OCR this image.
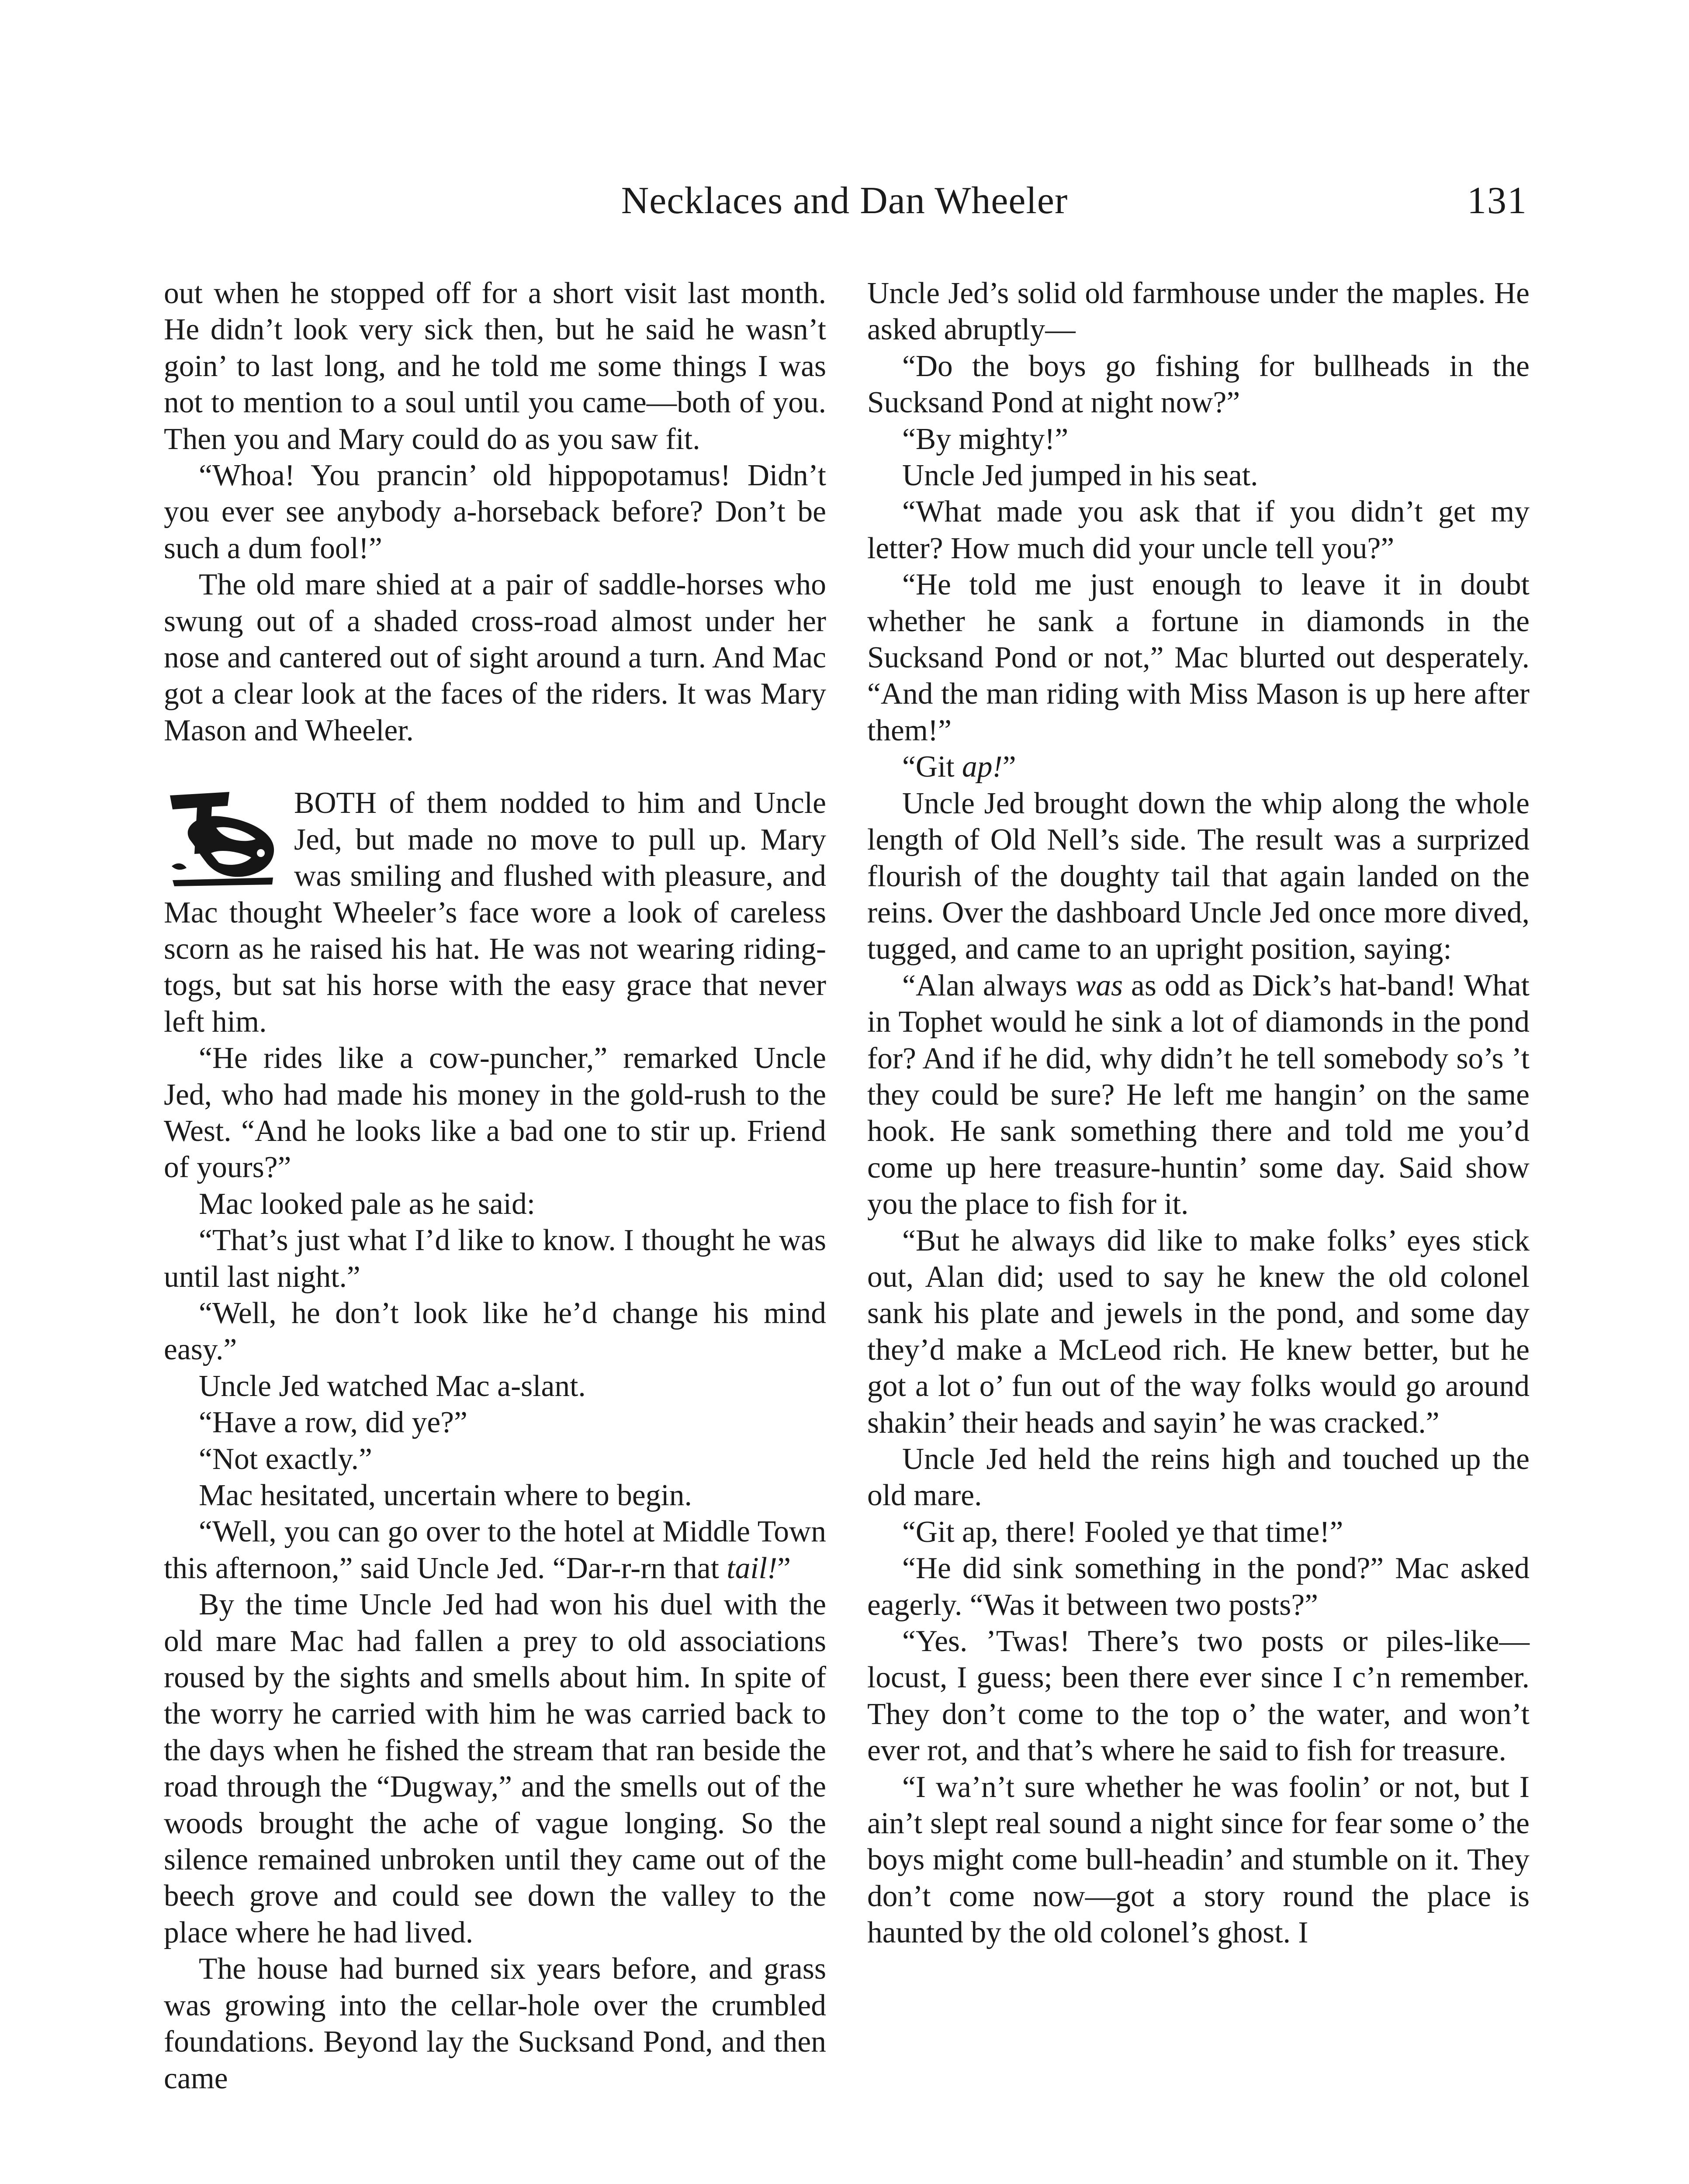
Necklaces and Dan Wheeler	131

out when he stopped off for a short visit last month. He didn’t look very sick then, but he said he wasn’t goin’ to last long, and he told me some things I was not to mention to a soul until you came—both of you. Then you and Mary could do as you saw fit.

“Whoa! You prancin’ old hippopotamus! Didn’t you ever see anybody a-horseback before? Don’t be such a dum fool!”

The old mare shied at a pair of saddle-horses who swung out of a shaded cross-road almost under her nose and cantered out of sight around a turn. And Mac got a clear look at the faces of the riders. It was Mary Mason and Wheeler.

BOTH of them nodded to him and Uncle Jed, but made no move to pull up. Mary was smiling and flushed with pleasure, and Mac thought Wheeler’s face wore a look of careless scorn as he raised his hat. He was not wearing riding-togs, but sat his horse with the easy grace that never left him.

“He rides like a cow-puncher,” remarked Uncle Jed, who had made his money in the gold-rush to the West. “And he looks like a bad one to stir up. Friend of yours?”

Mac looked pale as he said:

“That’s just what I’d like to know. I thought he was until last night.”

“Well, he don’t look like he’d change his mind easy.”

Uncle Jed watched Mac a-slant.

“Have a row, did ye?”

“Not exactly.”

Mac hesitated, uncertain where to begin.

“Well, you can go over to the hotel at Middle Town this afternoon,” said Uncle Jed. “Dar-r-rn that tail!”

By the time Uncle Jed had won his duel with the old mare Mac had fallen a prey to old associations roused by the sights and smells about him. In spite of the worry he carried with him he was carried back to the days when he fished the stream that ran beside the road through the “Dugway,” and the smells out of the woods brought the ache of vague longing. So the silence remained unbroken until they came out of the beech grove and could see down the valley to the place where he had lived.

The house had burned six years before, and grass was growing into the cellar-hole over the crumbled foundations. Beyond lay the Sucksand Pond, and then came

Uncle Jed’s solid old farmhouse under the maples. He asked abruptly—

“Do the boys go fishing for bullheads in the Sucksand Pond at night now?”

“By mighty!”

Uncle Jed jumped in his seat.

“What made you ask that if you didn’t get my letter? How much did your uncle tell you?”

“He told me just enough to leave it in doubt whether he sank a fortune in diamonds in the Sucksand Pond or not,” Mac blurted out desperately. “And the man riding with Miss Mason is up here after them!”

“Git ap!”

Uncle Jed brought down the whip along the whole length of Old Nell’s side. The result was a surprized flourish of the doughty tail that again landed on the reins. Over the dashboard Uncle Jed once more dived, tugged, and came to an upright position, saying:

“Alan always was as odd as Dick’s hat-band! What in Tophet would he sink a lot of diamonds in the pond for? And if he did, why didn’t he tell somebody so’s ’t they could be sure? He left me hangin’ on the same hook. He sank something there and told me you’d come up here treasure-huntin’ some day. Said show you the place to fish for it.

“But he always did like to make folks’ eyes stick out, Alan did; used to say he knew the old colonel sank his plate and jewels in the pond, and some day they’d make a McLeod rich. He knew better, but he got a lot o’ fun out of the way folks would go around shakin’ their heads and sayin’ he was cracked.”

Uncle Jed held the reins high and touched up the old mare.

“Git ap, there! Fooled ye that time!”

“He did sink something in the pond?” Mac asked eagerly. “Was it between two posts?”

“Yes. ’Twas! There’s two posts or piles-like—locust, I guess; been there ever since I c’n remember. They don’t come to the top o’ the water, and won’t ever rot, and that’s where he said to fish for treasure.

“I wa’n’t sure whether he was foolin’ or not, but I ain’t slept real sound a night since for fear some o’ the boys might come bull-headin’ and stumble on it. They don’t come now—got a story round the place is haunted by the old colonel’s ghost. I
